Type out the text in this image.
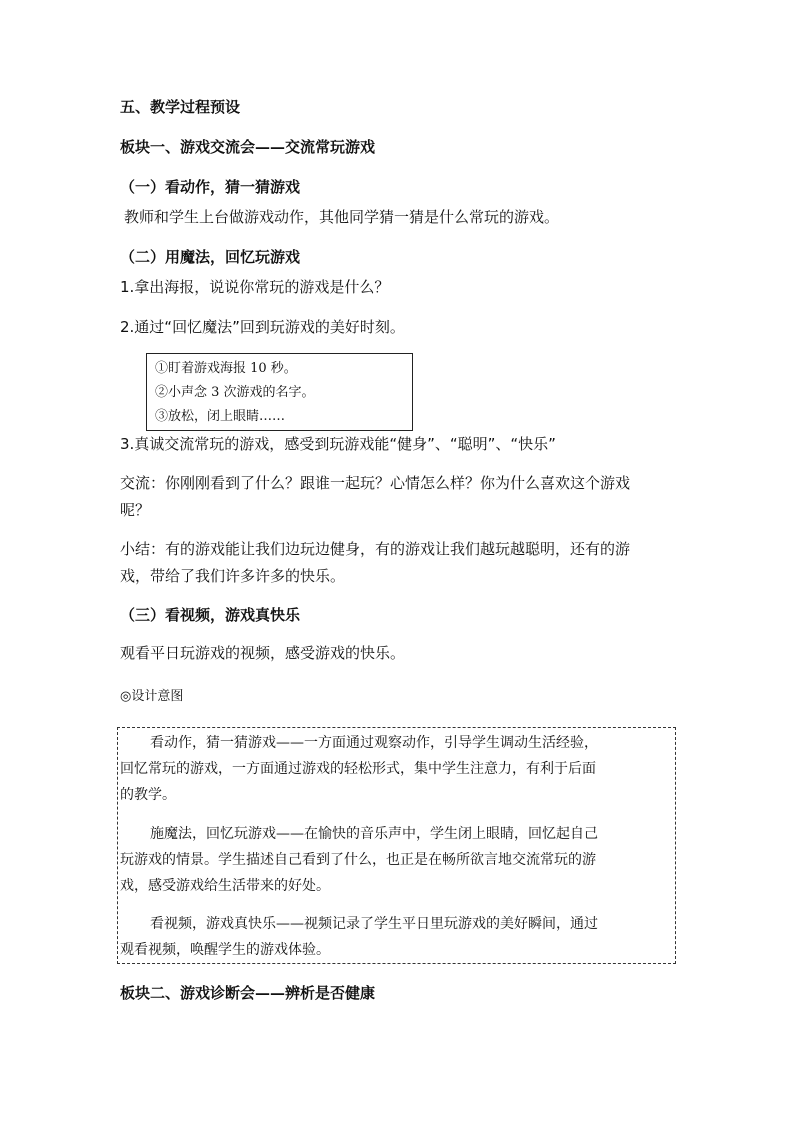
五、教学过程预设
板块一、游戏交流会——交流常玩游戏
（一）看动作，猜一猜游戏
教师和学生上台做游戏动作，其他同学猜一猜是什么常玩的游戏。
（二）用魔法，回忆玩游戏
1.拿出海报，说说你常玩的游戏是什么？
2.通过“回忆魔法”回到玩游戏的美好时刻。
①盯着游戏海报 10 秒。
②小声念 3 次游戏的名字。
③放松，闭上眼睛……
3.真诚交流常玩的游戏，感受到玩游戏能“健身”、“聪明”、“快乐”
交流：你刚刚看到了什么？跟谁一起玩？心情怎么样？你为什么喜欢这个游戏
呢？
小结：有的游戏能让我们边玩边健身，有的游戏让我们越玩越聪明，还有的游
戏，带给了我们许多许多的快乐。
（三）看视频，游戏真快乐
观看平日玩游戏的视频，感受游戏的快乐。
◎设计意图
看动作，猜一猜游戏——一方面通过观察动作，引导学生调动生活经验，
回忆常玩的游戏，一方面通过游戏的轻松形式，集中学生注意力，有利于后面
的教学。
施魔法，回忆玩游戏——在愉快的音乐声中，学生闭上眼睛，回忆起自己
玩游戏的情景。学生描述自己看到了什么，也正是在畅所欲言地交流常玩的游
戏，感受游戏给生活带来的好处。
看视频，游戏真快乐——视频记录了学生平日里玩游戏的美好瞬间，通过
观看视频，唤醒学生的游戏体验。
板块二、游戏诊断会——辨析是否健康
